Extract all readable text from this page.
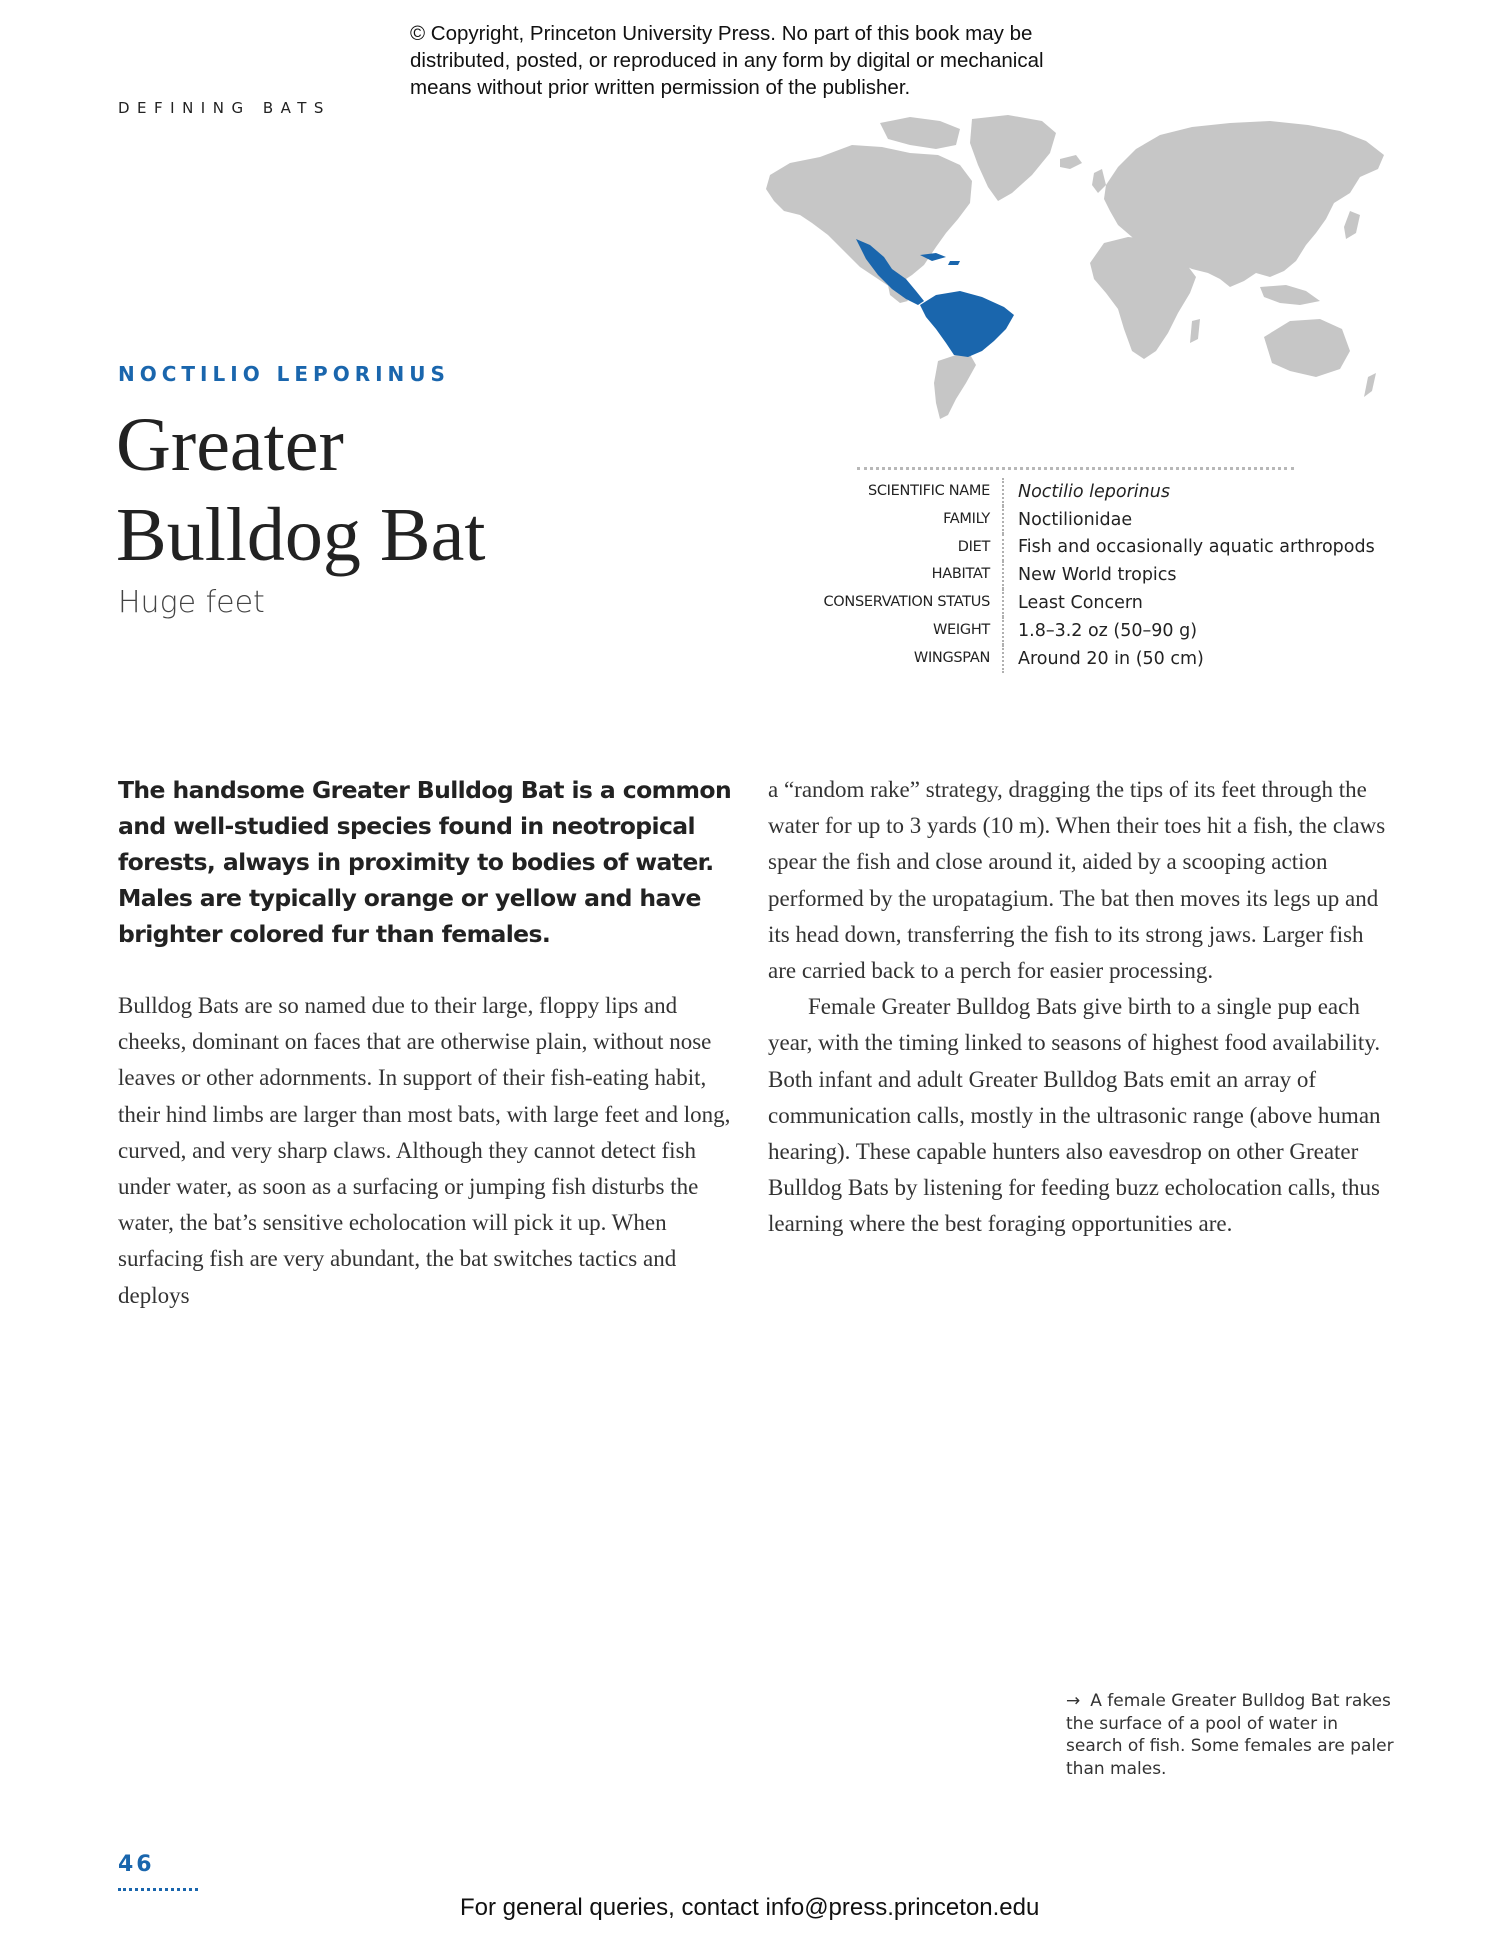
© Copyright, Princeton University Press. No part of this book may be distributed, posted, or reproduced in any form by digital or mechanical means without prior written permission of the publisher.
DEFINING BATS
NOCTILIO LEPORINUS
Greater
Bulldog Bat
Huge feet
SCIENTIFIC NAME	Noctilio leporinus
FAMILY	Noctilionidae
DIET	Fish and occasionally aquatic arthropods
HABITAT	New World tropics
CONSERVATION STATUS	Least Concern
WEIGHT	1.8–3.2 oz (50–90 g)
WINGSPAN	Around 20 in (50 cm)
The handsome Greater Bulldog Bat is a common and well-studied species found in neotropical forests, always in proximity to bodies of water. Males are typically orange or yellow and have brighter colored fur than females.
Bulldog Bats are so named due to their large, floppy lips and cheeks, dominant on faces that are otherwise plain, without nose leaves or other adornments. In support of their fish-eating habit, their hind limbs are larger than most bats, with large feet and long, curved, and very sharp claws. Although they cannot detect fish under water, as soon as a surfacing or jumping fish disturbs the water, the bat’s sensitive echolocation will pick it up. When surfacing fish are very abundant, the bat switches tactics and deploys

a “random rake” strategy, dragging the tips of its feet through the water for up to 3 yards (10 m). When their toes hit a fish, the claws spear the fish and close around it, aided by a scooping action performed by the uropatagium. The bat then moves its legs up and its head down, transferring the fish to its strong jaws. Larger fish are carried back to a perch for easier processing.

Female Greater Bulldog Bats give birth to a single pup each year, with the timing linked to seasons of highest food availability. Both infant and adult Greater Bulldog Bats emit an array of communication calls, mostly in the ultrasonic range (above human hearing). These capable hunters also eavesdrop on other Greater Bulldog Bats by listening for feeding buzz echolocation calls, thus learning where the best foraging opportunities are.

→ A female Greater Bulldog Bat rakes the surface of a pool of water in search of fish. Some females are paler than males.
46
For general queries, contact info@press.princeton.edu
